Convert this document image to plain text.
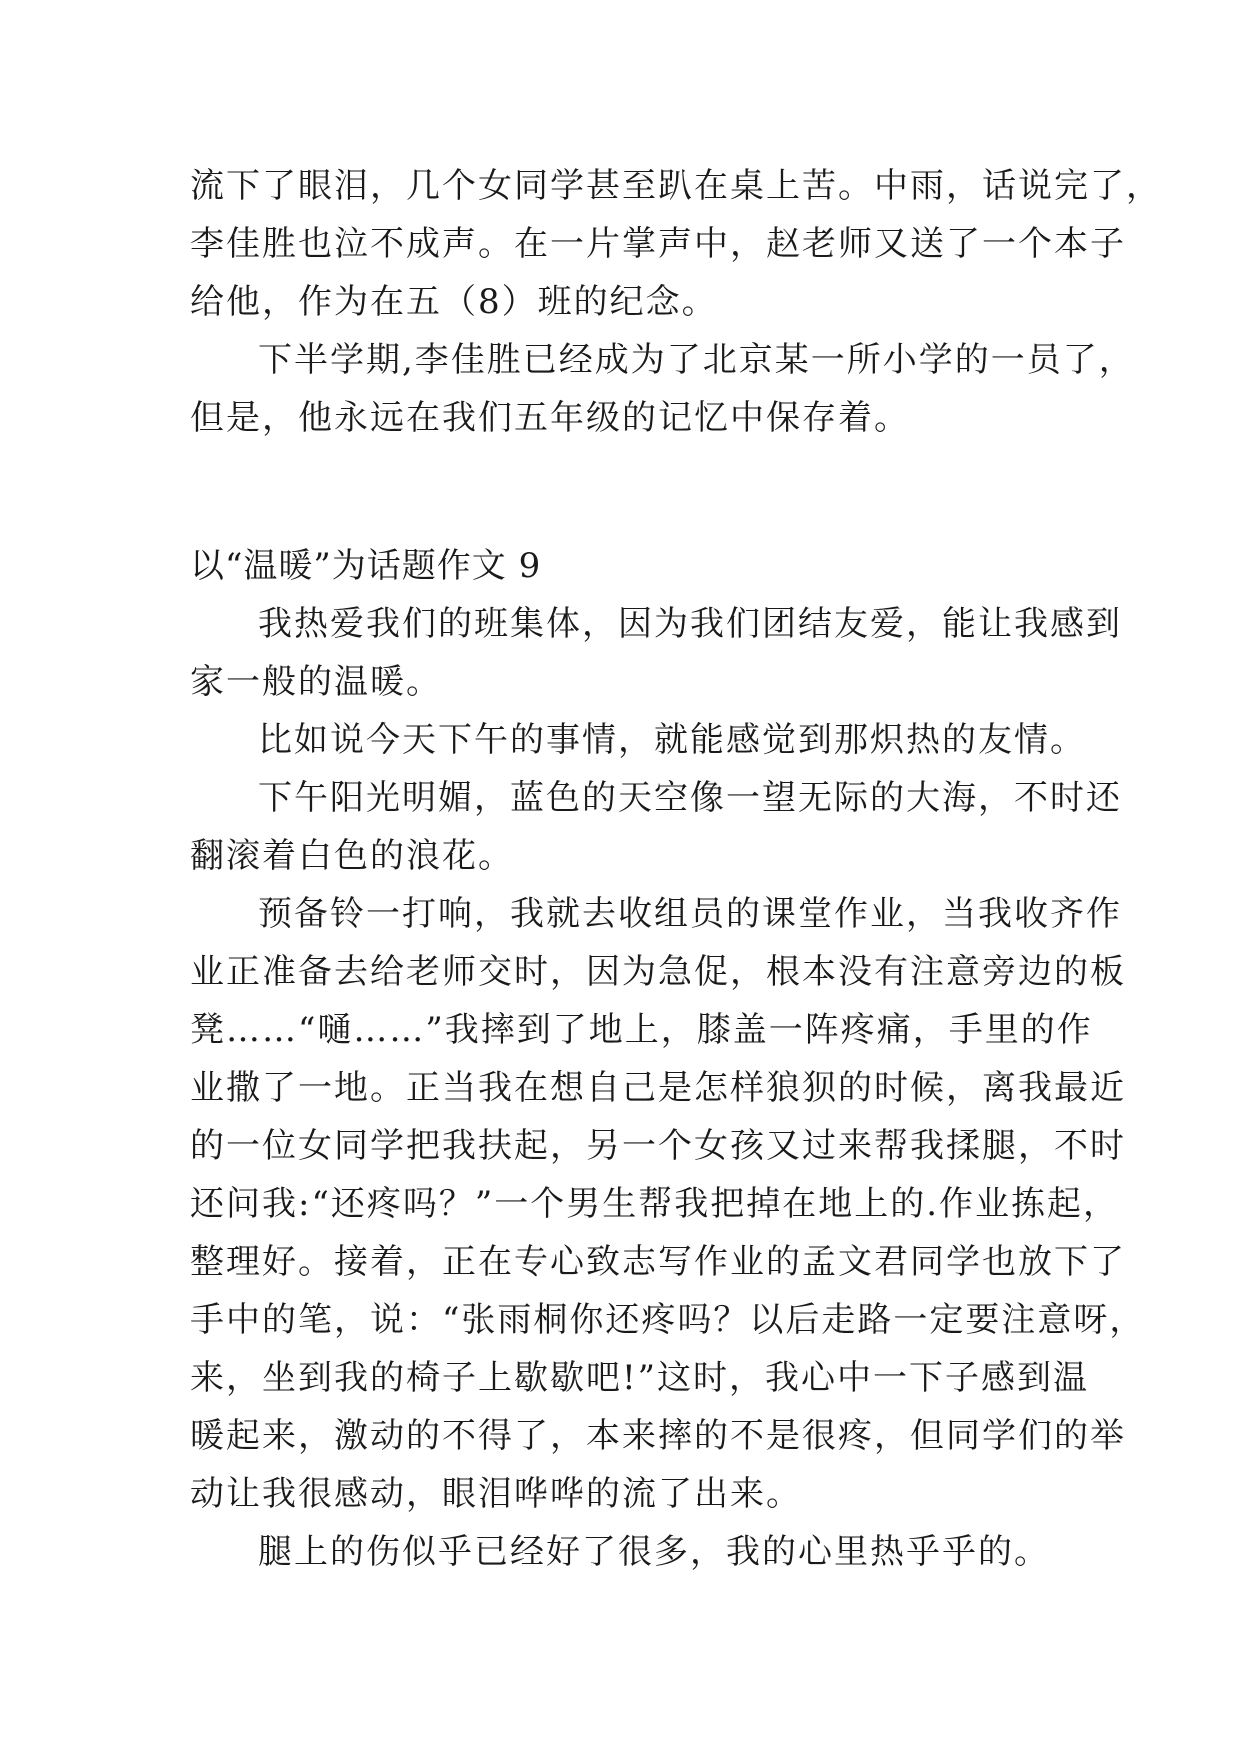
流下了眼泪，几个女同学甚至趴在桌上苦。中雨，话说完了，
李佳胜也泣不成声。在一片掌声中，赵老师又送了一个本子
给他，作为在五（8）班的纪念。
下半学期,李佳胜已经成为了北京某一所小学的一员了，
但是，他永远在我们五年级的记忆中保存着。
以“温暖”为话题作文 9
我热爱我们的班集体，因为我们团结友爱，能让我感到
家一般的温暖。
比如说今天下午的事情，就能感觉到那炽热的友情。
下午阳光明媚，蓝色的天空像一望无际的大海，不时还
翻滚着白色的浪花。
预备铃一打响，我就去收组员的课堂作业，当我收齐作
业正准备去给老师交时，因为急促，根本没有注意旁边的板
凳……“嗵……”我摔到了地上，膝盖一阵疼痛，手里的作
业撒了一地。正当我在想自己是怎样狼狈的时候，离我最近
的一位女同学把我扶起，另一个女孩又过来帮我揉腿，不时
还问我:“还疼吗？”一个男生帮我把掉在地上的.作业拣起，
整理好。接着，正在专心致志写作业的孟文君同学也放下了
手中的笔，说：“张雨桐你还疼吗？以后走路一定要注意呀，
来，坐到我的椅子上歇歇吧!”这时，我心中一下子感到温
暖起来，激动的不得了，本来摔的不是很疼，但同学们的举
动让我很感动，眼泪哗哗的流了出来。
腿上的伤似乎已经好了很多，我的心里热乎乎的。
